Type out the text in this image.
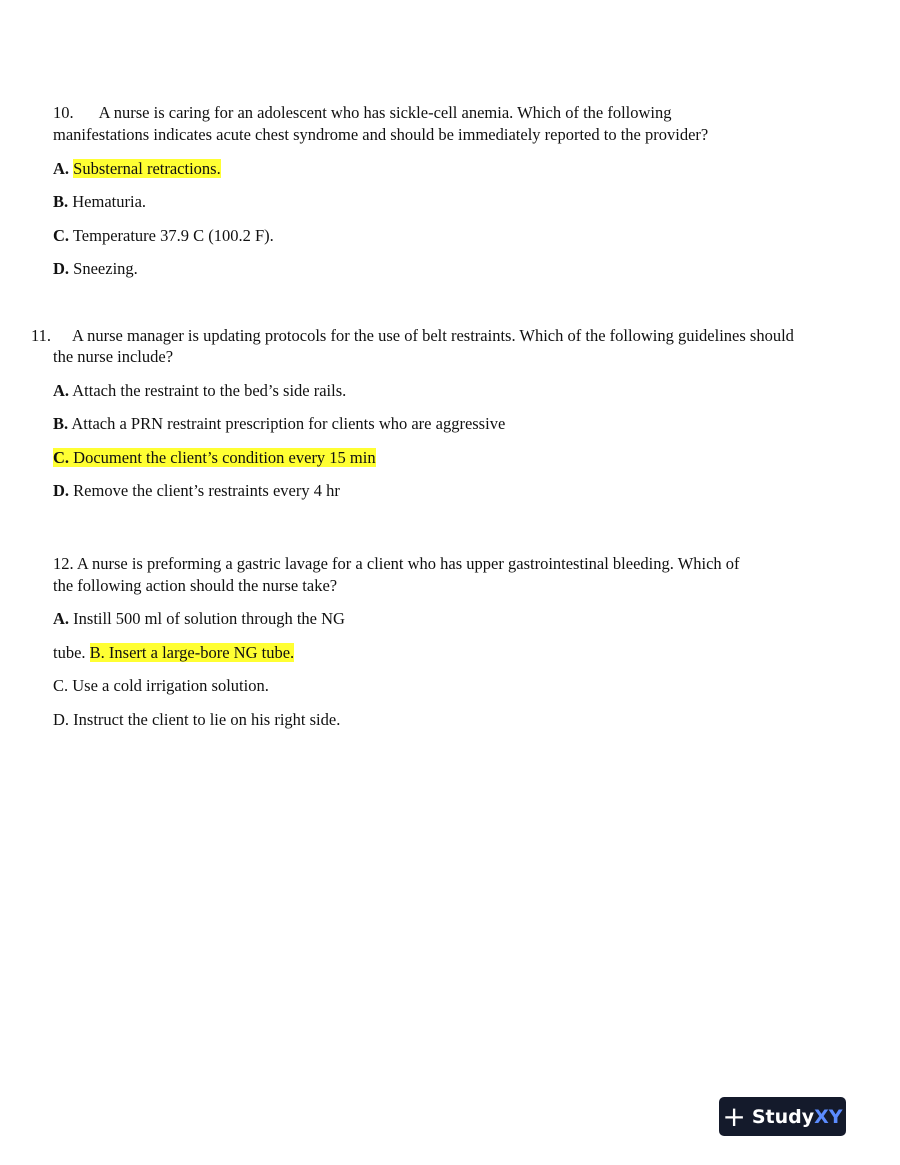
10. A nurse is caring for an adolescent who has sickle-cell anemia. Which of the following
manifestations indicates acute chest syndrome and should be immediately reported to the provider?
A. Substernal retractions.
B. Hematuria.
C. Temperature 37.9 C (100.2 F).
D. Sneezing.
11. A nurse manager is updating protocols for the use of belt restraints. Which of the following guidelines should
the nurse include?
A. Attach the restraint to the bed’s side rails.
B. Attach a PRN restraint prescription for clients who are aggressive
C. Document the client’s condition every 15 min
D. Remove the client’s restraints every 4 hr
12. A nurse is preforming a gastric lavage for a client who has upper gastrointestinal bleeding. Which of
the following action should the nurse take?
A. Instill 500 ml of solution through the NG
tube. B. Insert a large-bore NG tube.
C. Use a cold irrigation solution.
D. Instruct the client to lie on his right side.
+ Study XY
